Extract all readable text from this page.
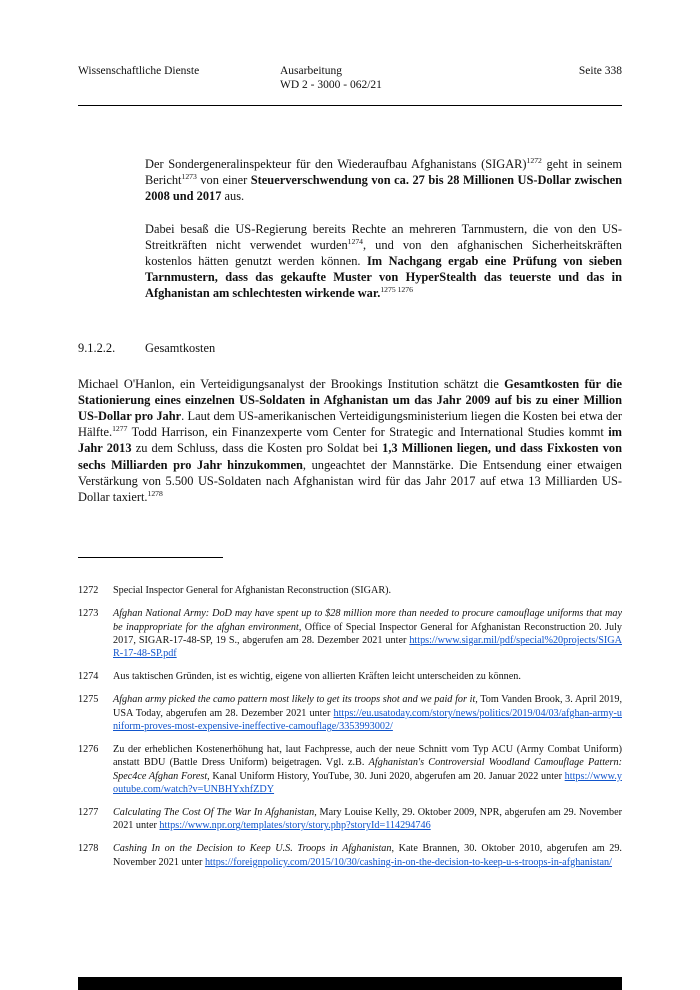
Wissenschaftliche Dienste	Ausarbeitung
WD 2 - 3000 - 062/21
Seite 338

Der Sondergeneralinspekteur für den Wiederaufbau Afghanistans (SIGAR)$^{1272}$ geht in seinem Bericht$^{1273}$ von einer Steuerverschwendung von ca. 27 bis 28 Millionen US-Dollar zwischen 2008 und 2017 aus.

Dabei besaß die US-Regierung bereits Rechte an mehreren Tarnmustern, die von den US-Streitkräften nicht verwendet wurden$^{1274}$, und von den afghanischen Sicherheitskräften kostenlos hätten genutzt werden können. Im Nachgang ergab eine Prüfung von sieben Tarnmustern, dass das gekaufte Muster von HyperStealth das teuerste und das in Afghanistan am schlechtesten wirkende war.$^{1275 1276}$

9.1.2.2.	Gesamtkosten

Michael O'Hanlon, ein Verteidigungsanalyst der Brookings Institution schätzt die Gesamtkosten für die Stationierung eines einzelnen US-Soldaten in Afghanistan um das Jahr 2009 auf bis zu einer Million US-Dollar pro Jahr. Laut dem US-amerikanischen Verteidigungsministerium liegen die Kosten bei etwa der Hälfte.$^{1277}$ Todd Harrison, ein Finanzexperte vom Center for Strategic and International Studies kommt im Jahr 2013 zu dem Schluss, dass die Kosten pro Soldat bei 1,3 Millionen liegen, und dass Fixkosten von sechs Milliarden pro Jahr hinzukommen, ungeachtet der Mannstärke. Die Entsendung einer etwaigen Verstärkung von 5.500 US-Soldaten nach Afghanistan wird für das Jahr 2017 auf etwa 13 Milliarden US-Dollar taxiert.$^{1278}$

1272	Special Inspector General for Afghanistan Reconstruction (SIGAR).
1273	Afghan National Army: DoD may have spent up to $28 million more than needed to procure camouflage uniforms that may be inappropriate for the afghan environment, Office of Special Inspector General for Afghanistan Reconstruction 20. July 2017, SIGAR-17-48-SP, 19 S., abgerufen am 28. Dezember 2021 unter https://www.sigar.mil/pdf/special%20projects/SIGAR-17-48-SP.pdf
1274	Aus taktischen Gründen, ist es wichtig, eigene von allierten Kräften leicht unterscheiden zu können.
1275	Afghan army picked the camo pattern most likely to get its troops shot and we paid for it, Tom Vanden Brook, 3. April 2019, USA Today, abgerufen am 28. Dezember 2021 unter https://eu.usatoday.com/story/news/politics/2019/04/03/afghan-army-uniform-proves-most-expensive-ineffective-camouflage/3353993002/
1276	Zu der erheblichen Kostenerhöhung hat, laut Fachpresse, auch der neue Schnitt vom Typ ACU (Army Combat Uniform) anstatt BDU (Battle Dress Uniform) beigetragen. Vgl. z.B. Afghanistan's Controversial Woodland Camouflage Pattern: Spec4ce Afghan Forest, Kanal Uniform History, YouTube, 30. Juni 2020, abgerufen am 20. Januar 2022 unter https://www.youtube.com/watch?v=UNBHYxhfZDY
1277	Calculating The Cost Of The War In Afghanistan, Mary Louise Kelly, 29. Oktober 2009, NPR, abgerufen am 29. November 2021 unter https://www.npr.org/templates/story/story.php?storyId=114294746
1278	Cashing In on the Decision to Keep U.S. Troops in Afghanistan, Kate Brannen, 30. Oktober 2010, abgerufen am 29. November 2021 unter https://foreignpolicy.com/2015/10/30/cashing-in-on-the-decision-to-keep-u-s-troops-in-afghanistan/
